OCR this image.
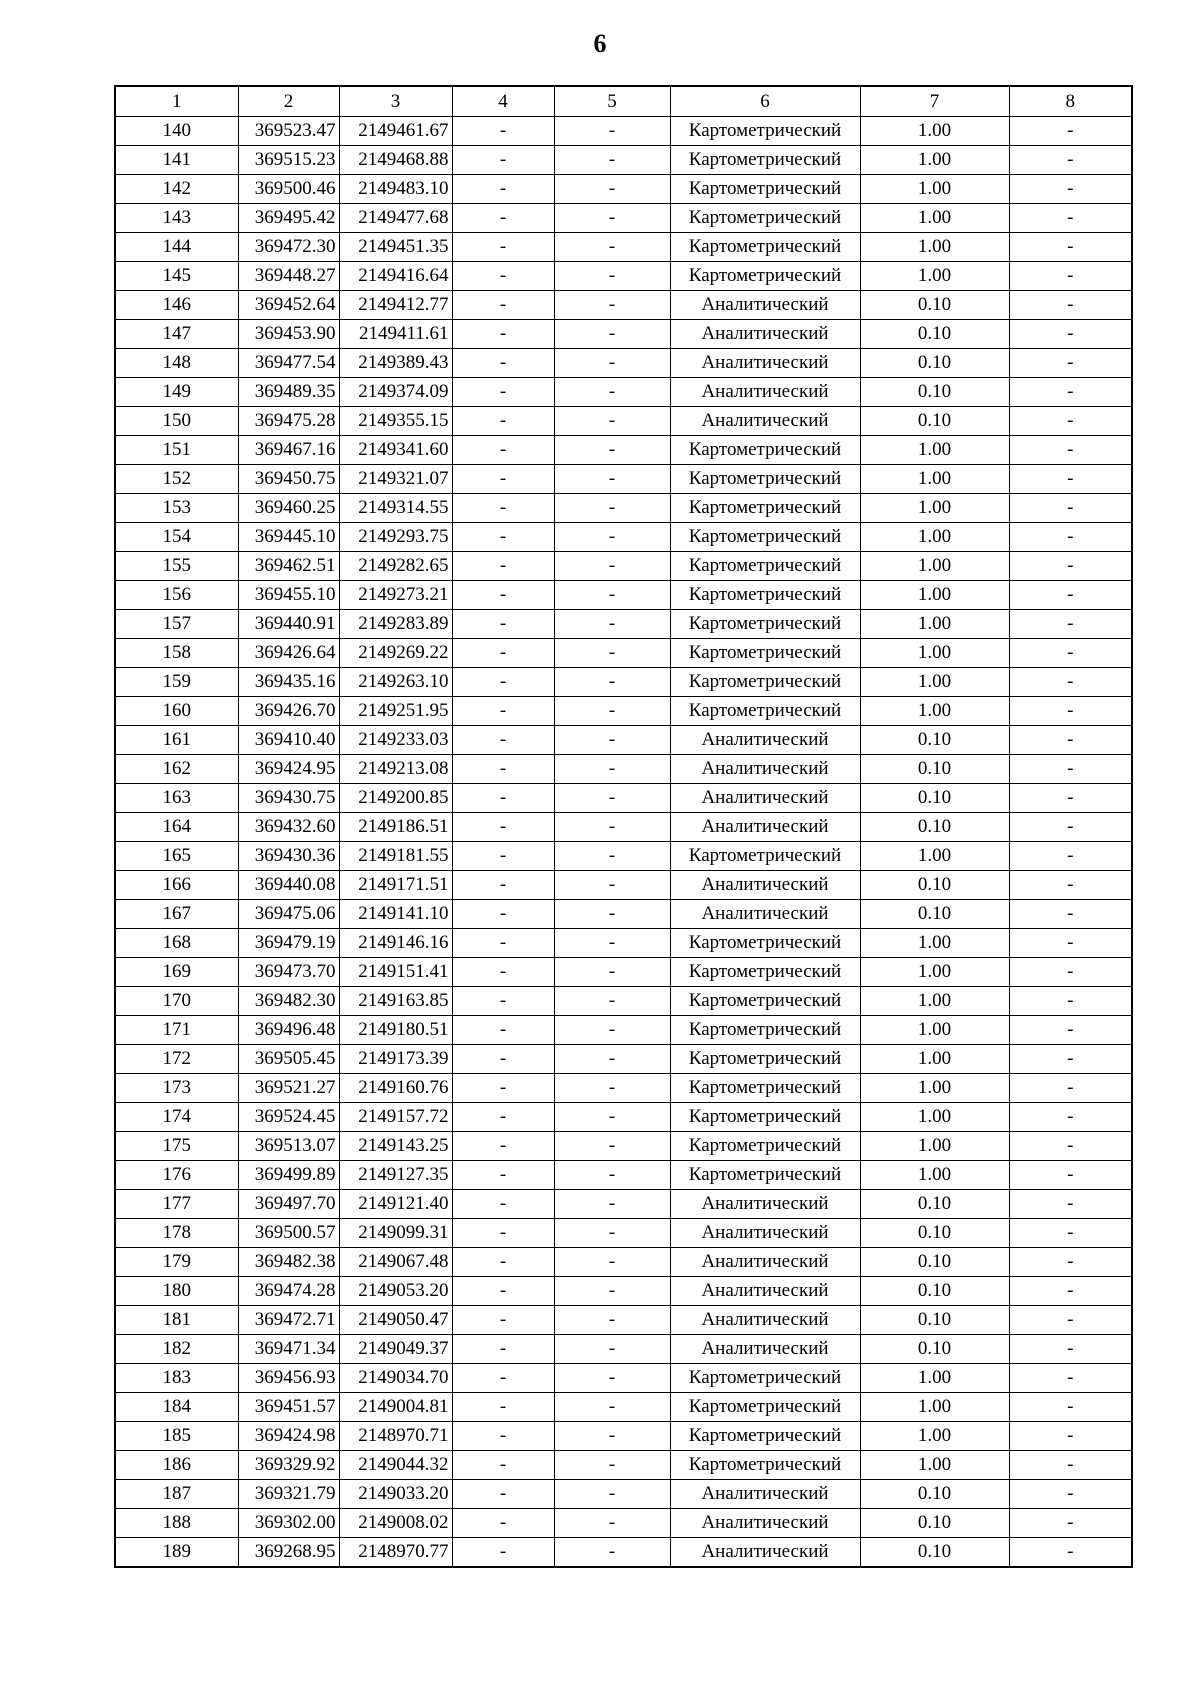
6
1	2	3	4	5	6	7	8
140	369523.47	2149461.67	-	-	Картометрический	1.00	-
141	369515.23	2149468.88	-	-	Картометрический	1.00	-
142	369500.46	2149483.10	-	-	Картометрический	1.00	-
143	369495.42	2149477.68	-	-	Картометрический	1.00	-
144	369472.30	2149451.35	-	-	Картометрический	1.00	-
145	369448.27	2149416.64	-	-	Картометрический	1.00	-
146	369452.64	2149412.77	-	-	Аналитический	0.10	-
147	369453.90	2149411.61	-	-	Аналитический	0.10	-
148	369477.54	2149389.43	-	-	Аналитический	0.10	-
149	369489.35	2149374.09	-	-	Аналитический	0.10	-
150	369475.28	2149355.15	-	-	Аналитический	0.10	-
151	369467.16	2149341.60	-	-	Картометрический	1.00	-
152	369450.75	2149321.07	-	-	Картометрический	1.00	-
153	369460.25	2149314.55	-	-	Картометрический	1.00	-
154	369445.10	2149293.75	-	-	Картометрический	1.00	-
155	369462.51	2149282.65	-	-	Картометрический	1.00	-
156	369455.10	2149273.21	-	-	Картометрический	1.00	-
157	369440.91	2149283.89	-	-	Картометрический	1.00	-
158	369426.64	2149269.22	-	-	Картометрический	1.00	-
159	369435.16	2149263.10	-	-	Картометрический	1.00	-
160	369426.70	2149251.95	-	-	Картометрический	1.00	-
161	369410.40	2149233.03	-	-	Аналитический	0.10	-
162	369424.95	2149213.08	-	-	Аналитический	0.10	-
163	369430.75	2149200.85	-	-	Аналитический	0.10	-
164	369432.60	2149186.51	-	-	Аналитический	0.10	-
165	369430.36	2149181.55	-	-	Картометрический	1.00	-
166	369440.08	2149171.51	-	-	Аналитический	0.10	-
167	369475.06	2149141.10	-	-	Аналитический	0.10	-
168	369479.19	2149146.16	-	-	Картометрический	1.00	-
169	369473.70	2149151.41	-	-	Картометрический	1.00	-
170	369482.30	2149163.85	-	-	Картометрический	1.00	-
171	369496.48	2149180.51	-	-	Картометрический	1.00	-
172	369505.45	2149173.39	-	-	Картометрический	1.00	-
173	369521.27	2149160.76	-	-	Картометрический	1.00	-
174	369524.45	2149157.72	-	-	Картометрический	1.00	-
175	369513.07	2149143.25	-	-	Картометрический	1.00	-
176	369499.89	2149127.35	-	-	Картометрический	1.00	-
177	369497.70	2149121.40	-	-	Аналитический	0.10	-
178	369500.57	2149099.31	-	-	Аналитический	0.10	-
179	369482.38	2149067.48	-	-	Аналитический	0.10	-
180	369474.28	2149053.20	-	-	Аналитический	0.10	-
181	369472.71	2149050.47	-	-	Аналитический	0.10	-
182	369471.34	2149049.37	-	-	Аналитический	0.10	-
183	369456.93	2149034.70	-	-	Картометрический	1.00	-
184	369451.57	2149004.81	-	-	Картометрический	1.00	-
185	369424.98	2148970.71	-	-	Картометрический	1.00	-
186	369329.92	2149044.32	-	-	Картометрический	1.00	-
187	369321.79	2149033.20	-	-	Аналитический	0.10	-
188	369302.00	2149008.02	-	-	Аналитический	0.10	-
189	369268.95	2148970.77	-	-	Аналитический	0.10	-
